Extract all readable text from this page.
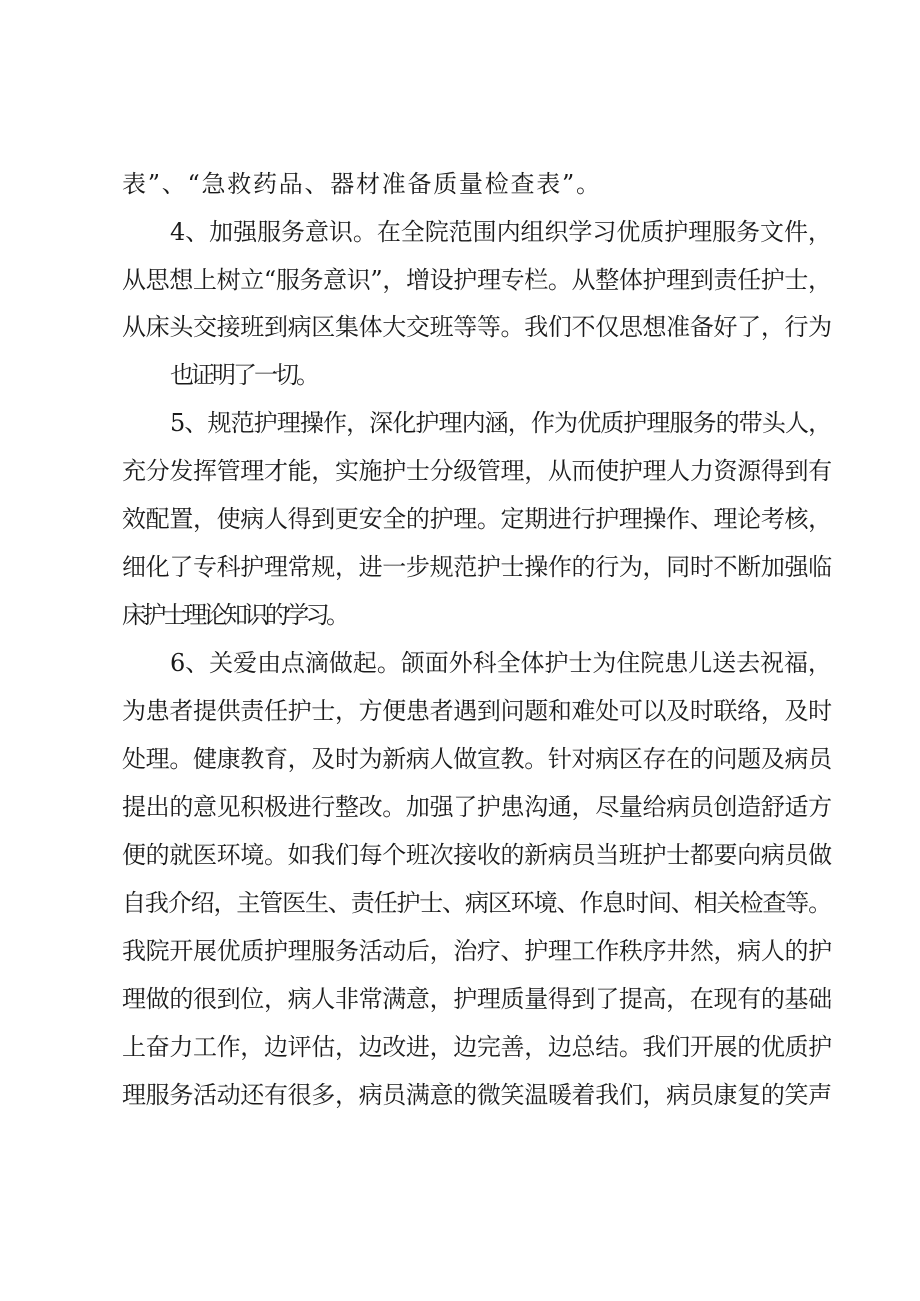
表”、“急救药品、器材准备质量检查表”。
4、加强服务意识。在全院范围内组织学习优质护理服务文件，
从思想上树立“服务意识”，增设护理专栏。从整体护理到责任护士，
从床头交接班到病区集体大交班等等。我们不仅思想准备好了，行为
也证明了一切。
5、规范护理操作，深化护理内涵，作为优质护理服务的带头人，
充分发挥管理才能，实施护士分级管理，从而使护理人力资源得到有
效配置，使病人得到更安全的护理。定期进行护理操作、理论考核，
细化了专科护理常规，进一步规范护士操作的行为，同时不断加强临
床护士理论知识的学习。
6、关爱由点滴做起。颌面外科全体护士为住院患儿送去祝福，
为患者提供责任护士，方便患者遇到问题和难处可以及时联络，及时
处理。健康教育，及时为新病人做宣教。针对病区存在的问题及病员
提出的意见积极进行整改。加强了护患沟通，尽量给病员创造舒适方
便的就医环境。如我们每个班次接收的新病员当班护士都要向病员做
自我介绍，主管医生、责任护士、病区环境、作息时间、相关检查等。
我院开展优质护理服务活动后，治疗、护理工作秩序井然，病人的护
理做的很到位，病人非常满意，护理质量得到了提高，在现有的基础
上奋力工作，边评估，边改进，边完善，边总结。我们开展的优质护
理服务活动还有很多，病员满意的微笑温暖着我们，病员康复的笑声
